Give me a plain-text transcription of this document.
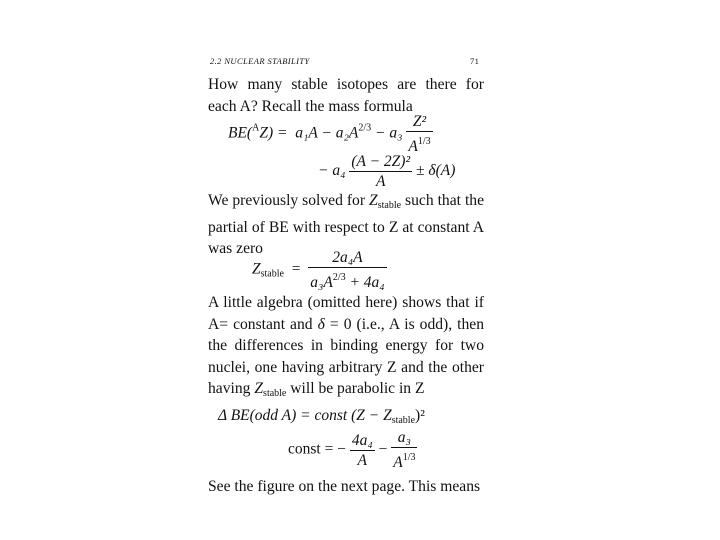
2.2 NUCLEAR STABILITY	71
How many stable isotopes are there for each A? Recall the mass formula
$BE(^AZ) = a_1A - a_2A^{2/3} - a_3 \frac{\text{Z²}}{A^{1/3}}$
− $a_4 \frac{\text{(A − 2Z)²}}{A} \pm \delta(A)$
We previously solved for $Z_{stable}$ such that the partial of BE with respect to Z at constant A was zero
$Z_{stable} = \frac{\text{2a₄A}}{a_3A^{2/3} + 4a_4}$
A little algebra (omitted here) shows that if A= constant and δ = 0 (i.e., A is odd), then the differences in binding energy for two nuclei, one having arbitrary Z and the other having $Z_{stable}$ will be parabolic in Z
Δ BE(odd A) = const $(Z - Z_{stable})^2$
const = − $\frac{\text{4a₄}}{A} - \frac{\text{a₃}}{A^{1/3}}$
See the figure on the next page. This means
